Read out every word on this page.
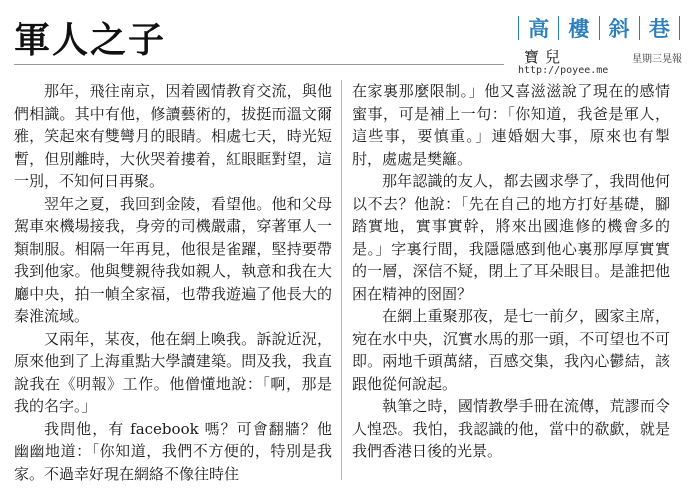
軍人之子	高 樓 斜 巷
寶兒	星期三晃報
http://poyee.me

那年，飛往南京，因着國情教育交流，與他們相識。其中有他，修讀藝術的，拔挺而溫文爾雅，笑起來有雙彎月的眼睛。相處七天，時光短暫，但別離時，大伙哭着摟着，紅眼眶對望，這一別，不知何日再聚。

翌年之夏，我回到金陵，看望他。他和父母駕車來機場接我，身旁的司機嚴肅，穿著軍人一類制服。相隔一年再見，他很是雀躍，堅持要帶我到他家。他與雙親待我如親人，執意和我在大廳中央，拍一幀全家福，也帶我遊遍了他長大的秦淮流域。

又兩年，某夜，他在網上喚我。訴說近況，原來他到了上海重點大學讀建築。問及我，我直說我在《明報》工作。他僧懂地說：「啊，那是我的名字。」

我問他，有 facebook 嗎？可會翻牆？他幽幽地道：「你知道，我們不方便的，特別是我家。不過幸好現在網絡不像往時住

在家裏那麼限制。」他又喜滋滋說了現在的感情蜜事，可是補上一句：「你知道，我爸是軍人，這些事，要慎重。」連婚姻大事，原來也有掣肘，處處是樊籬。

那年認識的友人，都去國求學了，我問他何以不去？他說：「先在自己的地方打好基礎，腳踏實地，實事實幹，將來出國進修的機會多的是。」字裏行間，我隱隱感到他心裏那厚厚實實的一層，深信不疑，閉上了耳朵眼目。是誰把他困在精神的囹圄？

在網上重聚那夜，是七一前夕，國家主席，宛在水中央，沉實水馬的那一頭，不可望也不可即。兩地千頭萬緒，百感交集，我內心鬱結，該跟他從何說起。

執筆之時，國情教學手冊在流傳，荒謬而令人惶恐。我怕，我認識的他，當中的欷歔，就是我們香港日後的光景。
